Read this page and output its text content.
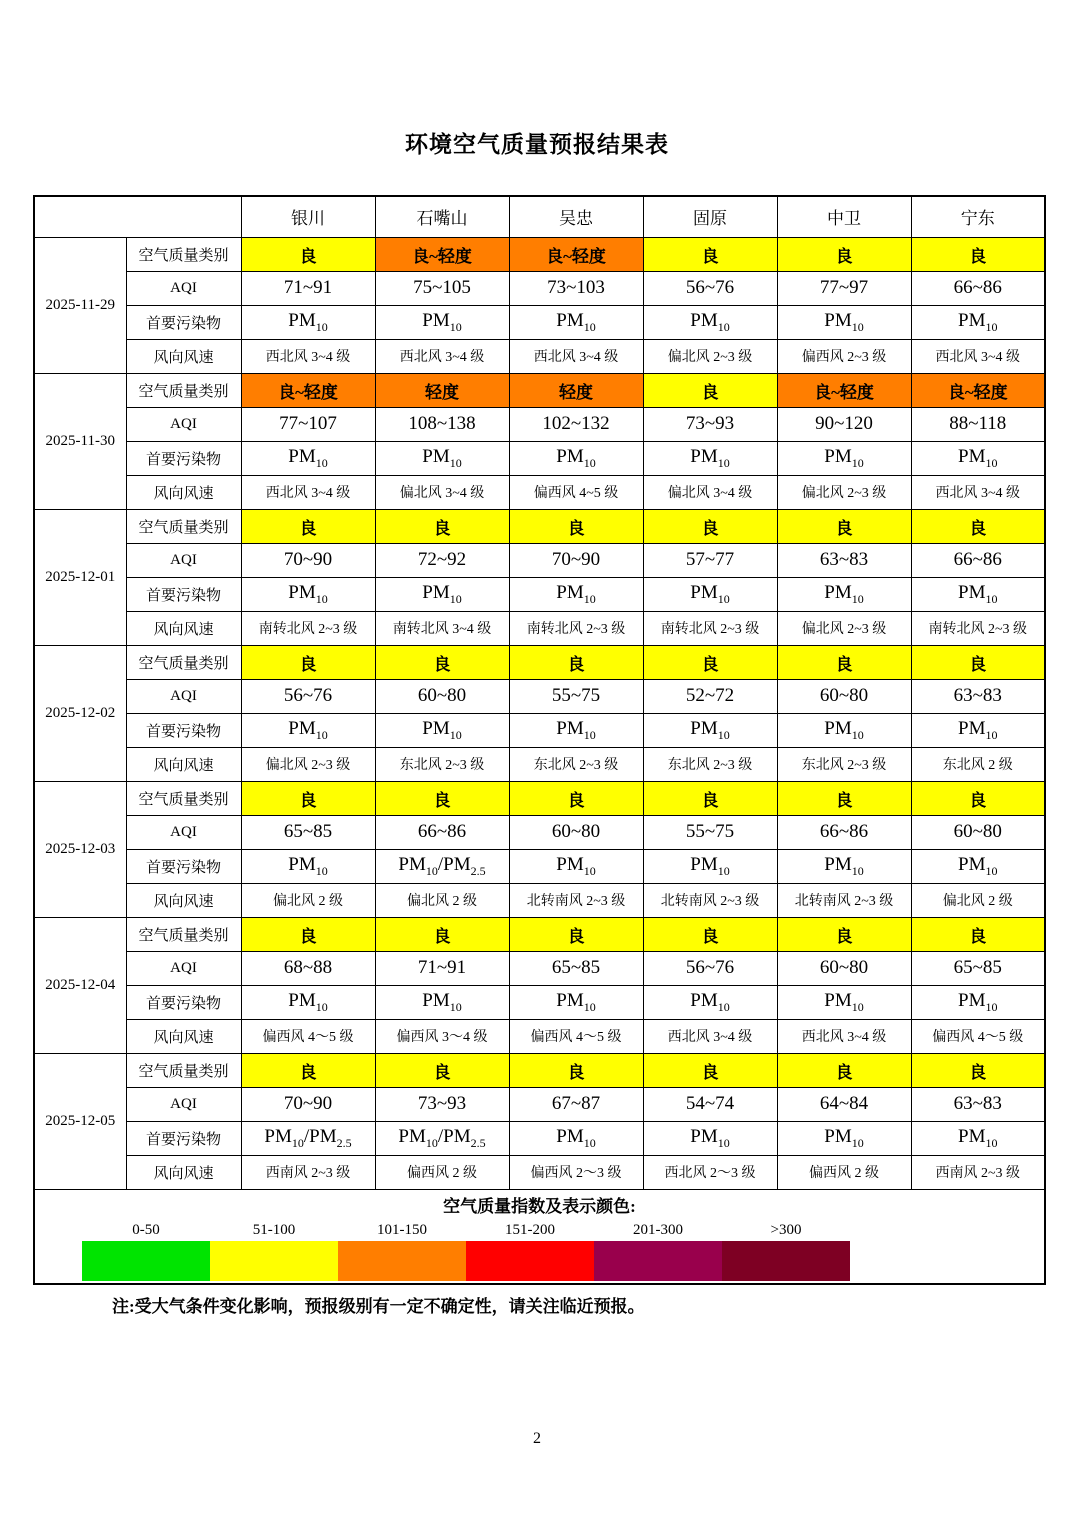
环境空气质量预报结果表
		银川	石嘴山	吴忠	固原	中卫	宁东
2025-11-29	空气质量类别	良	良~轻度	良~轻度	良	良	良
	AQI	71~91	75~105	73~103	56~76	77~97	66~86
	首要污染物	$PM_{10}$	$PM_{10}$	$PM_{10}$	$PM_{10}$	$PM_{10}$	$PM_{10}$
	风向风速	西北风 3~4 级	西北风 3~4 级	西北风 3~4 级	偏北风 2~3 级	偏西风 2~3 级	西北风 3~4 级
2025-11-30	空气质量类别	良~轻度	轻度	轻度	良	良~轻度	良~轻度
	AQI	77~107	108~138	102~132	73~93	90~120	88~118
	首要污染物	$PM_{10}$	$PM_{10}$	$PM_{10}$	$PM_{10}$	$PM_{10}$	$PM_{10}$
	风向风速	西北风 3~4 级	偏北风 3~4 级	偏西风 4~5 级	偏北风 3~4 级	偏北风 2~3 级	西北风 3~4 级
2025-12-01	空气质量类别	良	良	良	良	良	良
	AQI	70~90	72~92	70~90	57~77	63~83	66~86
	首要污染物	$PM_{10}$	$PM_{10}$	$PM_{10}$	$PM_{10}$	$PM_{10}$	$PM_{10}$
	风向风速	南转北风 2~3 级	南转北风 3~4 级	南转北风 2~3 级	南转北风 2~3 级	偏北风 2~3 级	南转北风 2~3 级
2025-12-02	空气质量类别	良	良	良	良	良	良
	AQI	56~76	60~80	55~75	52~72	60~80	63~83
	首要污染物	$PM_{10}$	$PM_{10}$	$PM_{10}$	$PM_{10}$	$PM_{10}$	$PM_{10}$
	风向风速	偏北风 2~3 级	东北风 2~3 级	东北风 2~3 级	东北风 2~3 级	东北风 2~3 级	东北风 2 级
2025-12-03	空气质量类别	良	良	良	良	良	良
	AQI	65~85	66~86	60~80	55~75	66~86	60~80
	首要污染物	$PM_{10}$	$PM_{10}/PM_{2.5}$	$PM_{10}$	$PM_{10}$	$PM_{10}$	$PM_{10}$
	风向风速	偏北风 2 级	偏北风 2 级	北转南风 2~3 级	北转南风 2~3 级	北转南风 2~3 级	偏北风 2 级
2025-12-04	空气质量类别	良	良	良	良	良	良
	AQI	68~88	71~91	65~85	56~76	60~80	65~85
	首要污染物	$PM_{10}$	$PM_{10}$	$PM_{10}$	$PM_{10}$	$PM_{10}$	$PM_{10}$
	风向风速	偏西风 4～5 级	偏西风 3～4 级	偏西风 4～5 级	西北风 3~4 级	西北风 3~4 级	偏西风 4～5 级
2025-12-05	空气质量类别	良	良	良	良	良	良
	AQI	70~90	73~93	67~87	54~74	64~84	63~83
	首要污染物	$PM_{10}/PM_{2.5}$	$PM_{10}/PM_{2.5}$	$PM_{10}$	$PM_{10}$	$PM_{10}$	$PM_{10}$
	风向风速	西南风 2~3 级	偏西风 2 级	偏西风 2～3 级	西北风 2～3 级	偏西风 2 级	西南风 2~3 级

空气质量指数及表示颜色:
0-50	51-100	101-150	151-200	201-300	>300
注:受大气条件变化影响，预报级别有一定不确定性，请关注临近预报。
2
